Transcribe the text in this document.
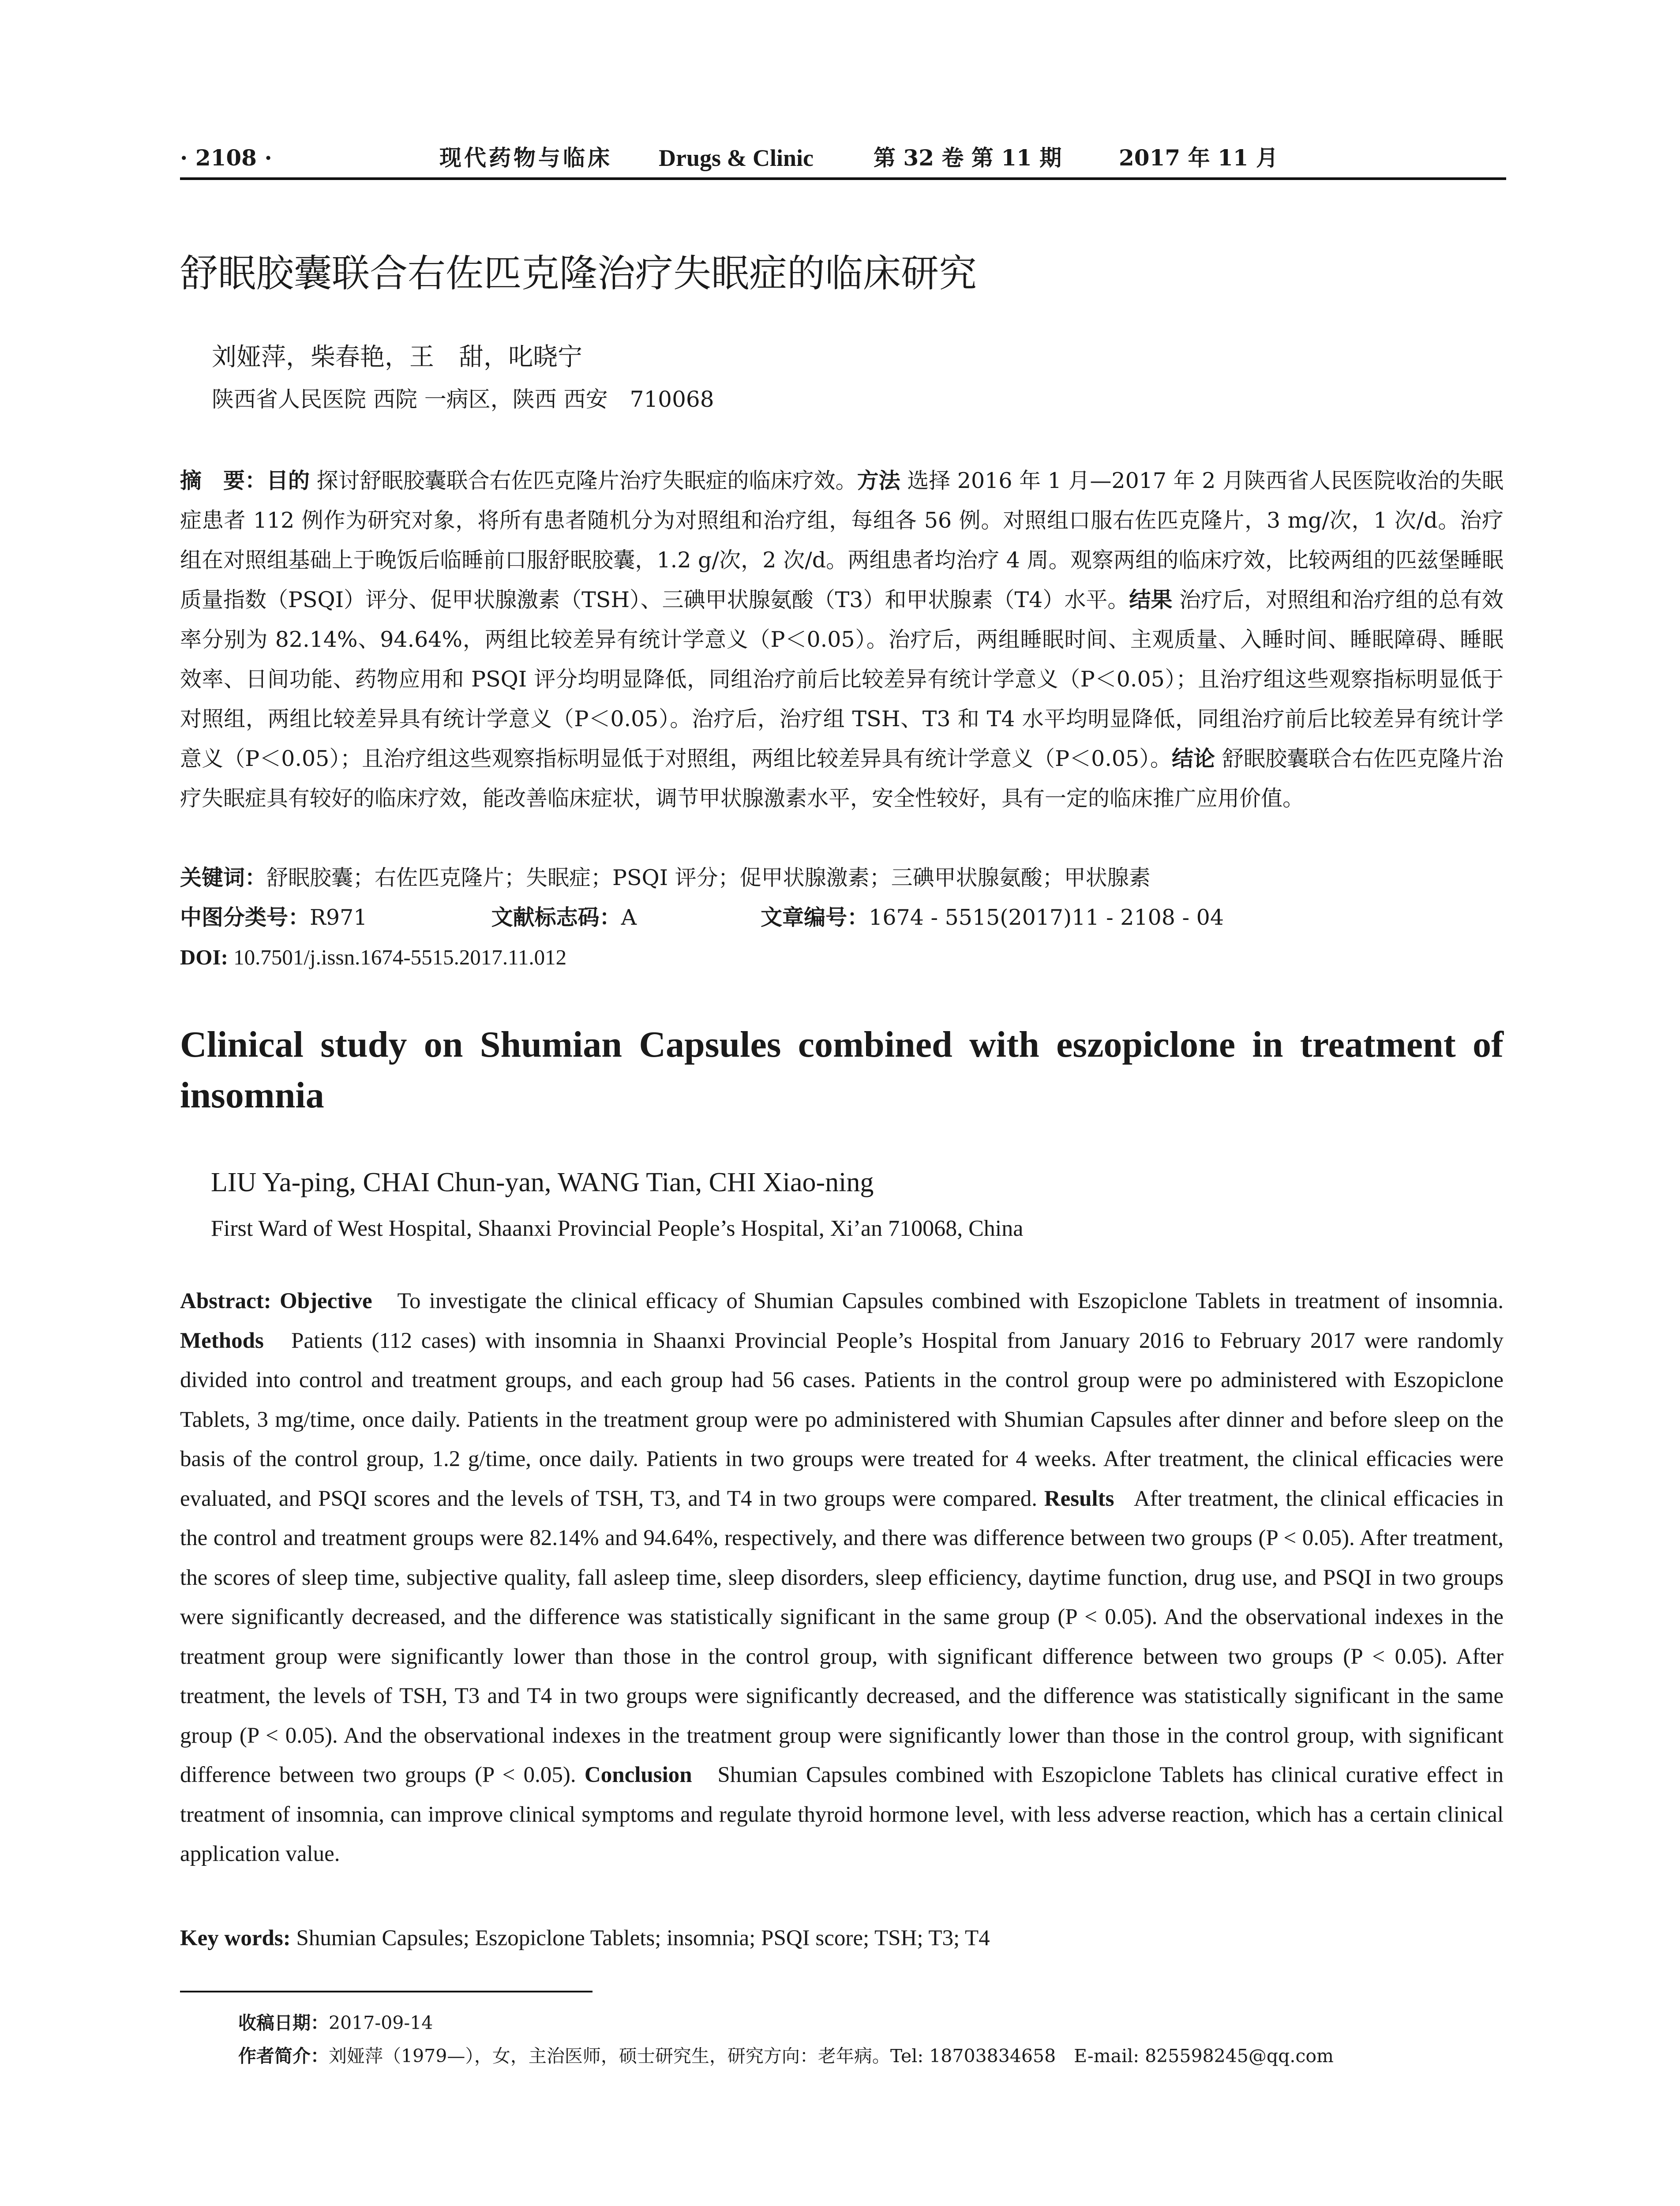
· 2108 ·	现代药物与临床 Drugs & Clinic	第 32 卷 第 11 期	2017 年 11 月
舒眠胶囊联合右佐匹克隆治疗失眠症的临床研究
刘娅萍，柴春艳，王　甜，叱晓宁
陕西省人民医院 西院 一病区，陕西 西安　710068
摘　要：目的 探讨舒眠胶囊联合右佐匹克隆片治疗失眠症的临床疗效。方法 选择 2016 年 1 月—2017 年 2 月陕西省人民医院收治的失眠症患者 112 例作为研究对象，将所有患者随机分为对照组和治疗组，每组各 56 例。对照组口服右佐匹克隆片，3 mg/次，1 次/d。治疗组在对照组基础上于晚饭后临睡前口服舒眠胶囊，1.2 g/次，2 次/d。两组患者均治疗 4 周。观察两组的临床疗效，比较两组的匹兹堡睡眠质量指数（PSQI）评分、促甲状腺激素（TSH）、三碘甲状腺氨酸（T3）和甲状腺素（T4）水平。结果 治疗后，对照组和治疗组的总有效率分别为 82.14%、94.64%，两组比较差异有统计学意义（P＜0.05）。治疗后，两组睡眠时间、主观质量、入睡时间、睡眠障碍、睡眠效率、日间功能、药物应用和 PSQI 评分均明显降低，同组治疗前后比较差异有统计学意义（P＜0.05）；且治疗组这些观察指标明显低于对照组，两组比较差异具有统计学意义（P＜0.05）。治疗后，治疗组 TSH、T3 和 T4 水平均明显降低，同组治疗前后比较差异有统计学意义（P＜0.05）；且治疗组这些观察指标明显低于对照组，两组比较差异具有统计学意义（P＜0.05）。结论 舒眠胶囊联合右佐匹克隆片治疗失眠症具有较好的临床疗效，能改善临床症状，调节甲状腺激素水平，安全性较好，具有一定的临床推广应用价值。
关键词：舒眠胶囊；右佐匹克隆片；失眠症；PSQI 评分；促甲状腺激素；三碘甲状腺氨酸；甲状腺素
中图分类号：R971	文献标志码：A	文章编号：1674 - 5515(2017)11 - 2108 - 04
DOI: 10.7501/j.issn.1674-5515.2017.11.012
Clinical study on Shumian Capsules combined with eszopiclone in treatment of insomnia
LIU Ya-ping, CHAI Chun-yan, WANG Tian, CHI Xiao-ning
First Ward of West Hospital, Shaanxi Provincial People’s Hospital, Xi’an 710068, China
Abstract: Objective To investigate the clinical efficacy of Shumian Capsules combined with Eszopiclone Tablets in treatment of insomnia. Methods Patients (112 cases) with insomnia in Shaanxi Provincial People’s Hospital from January 2016 to February 2017 were randomly divided into control and treatment groups, and each group had 56 cases. Patients in the control group were po administered with Eszopiclone Tablets, 3 mg/time, once daily. Patients in the treatment group were po administered with Shumian Capsules after dinner and before sleep on the basis of the control group, 1.2 g/time, once daily. Patients in two groups were treated for 4 weeks. After treatment, the clinical efficacies were evaluated, and PSQI scores and the levels of TSH, T3, and T4 in two groups were compared. Results After treatment, the clinical efficacies in the control and treatment groups were 82.14% and 94.64%, respectively, and there was difference between two groups (P < 0.05). After treatment, the scores of sleep time, subjective quality, fall asleep time, sleep disorders, sleep efficiency, daytime function, drug use, and PSQI in two groups were significantly decreased, and the difference was statistically significant in the same group (P < 0.05). And the observational indexes in the treatment group were significantly lower than those in the control group, with significant difference between two groups (P < 0.05). After treatment, the levels of TSH, T3 and T4 in two groups were significantly decreased, and the difference was statistically significant in the same group (P < 0.05). And the observational indexes in the treatment group were significantly lower than those in the control group, with significant difference between two groups (P < 0.05). Conclusion Shumian Capsules combined with Eszopiclone Tablets has clinical curative effect in treatment of insomnia, can improve clinical symptoms and regulate thyroid hormone level, with less adverse reaction, which has a certain clinical application value.
Key words: Shumian Capsules; Eszopiclone Tablets; insomnia; PSQI score; TSH; T3; T4
收稿日期：2017-09-14
作者简介：刘娅萍（1979—），女，主治医师，硕士研究生，研究方向：老年病。Tel: 18703834658　E-mail: 825598245@qq.com
